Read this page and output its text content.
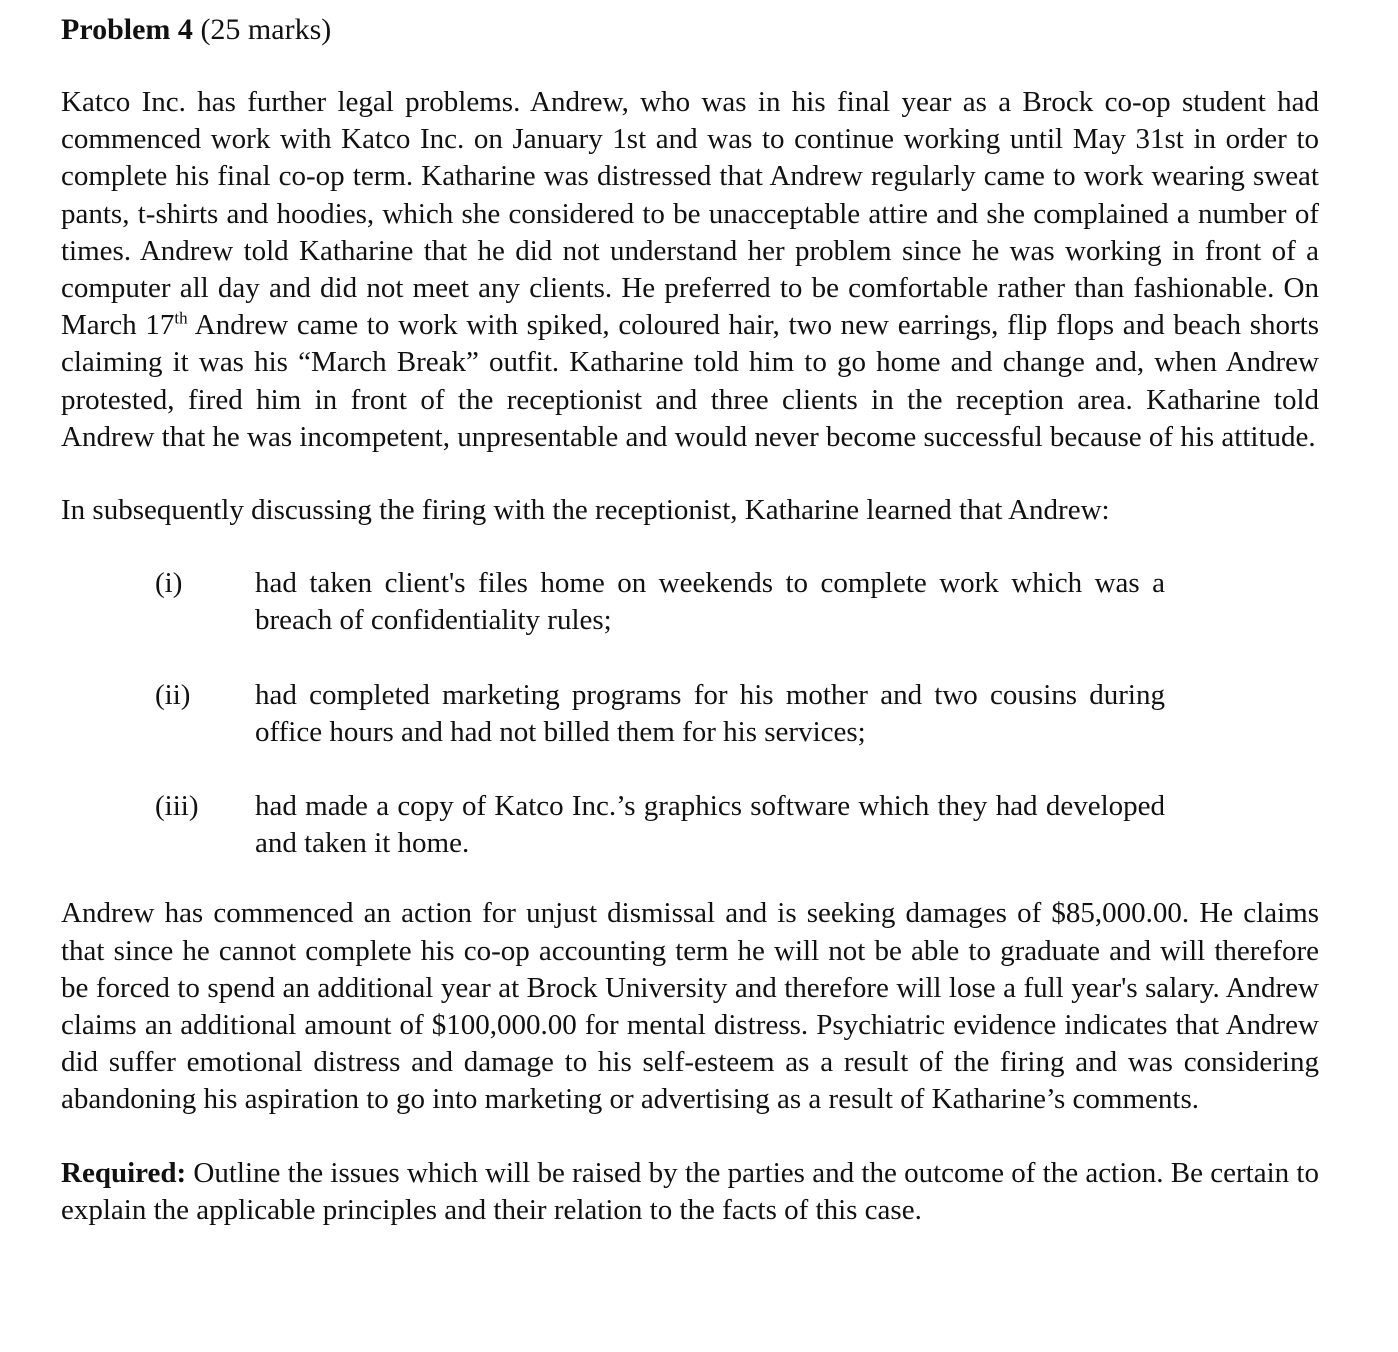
Problem 4 (25 marks)

Katco Inc. has further legal problems. Andrew, who was in his final year as a Brock co-op student had commenced work with Katco Inc. on January 1st and was to continue working until May 31st in order to complete his final co-op term. Katharine was distressed that Andrew regularly came to work wearing sweat pants, t-shirts and hoodies, which she considered to be unacceptable attire and she complained a number of times. Andrew told Katharine that he did not understand her problem since he was working in front of a computer all day and did not meet any clients. He preferred to be comfortable rather than fashionable. On March 17th Andrew came to work with spiked, coloured hair, two new earrings, flip flops and beach shorts claiming it was his “March Break” outfit. Katharine told him to go home and change and, when Andrew protested, fired him in front of the receptionist and three clients in the reception area. Katharine told Andrew that he was incompetent, unpresentable and would never become successful because of his attitude.

In subsequently discussing the firing with the receptionist, Katharine learned that Andrew:

(i)	had taken client's files home on weekends to complete work which was a breach of confidentiality rules;
(ii)	had completed marketing programs for his mother and two cousins during office hours and had not billed them for his services;
(iii)	had made a copy of Katco Inc.’s graphics software which they had developed and taken it home.

Andrew has commenced an action for unjust dismissal and is seeking damages of $85,000.00. He claims that since he cannot complete his co-op accounting term he will not be able to graduate and will therefore be forced to spend an additional year at Brock University and therefore will lose a full year's salary. Andrew claims an additional amount of $100,000.00 for mental distress. Psychiatric evidence indicates that Andrew did suffer emotional distress and damage to his self-esteem as a result of the firing and was considering abandoning his aspiration to go into marketing or advertising as a result of Katharine’s comments.

Required: Outline the issues which will be raised by the parties and the outcome of the action. Be certain to explain the applicable principles and their relation to the facts of this case.
